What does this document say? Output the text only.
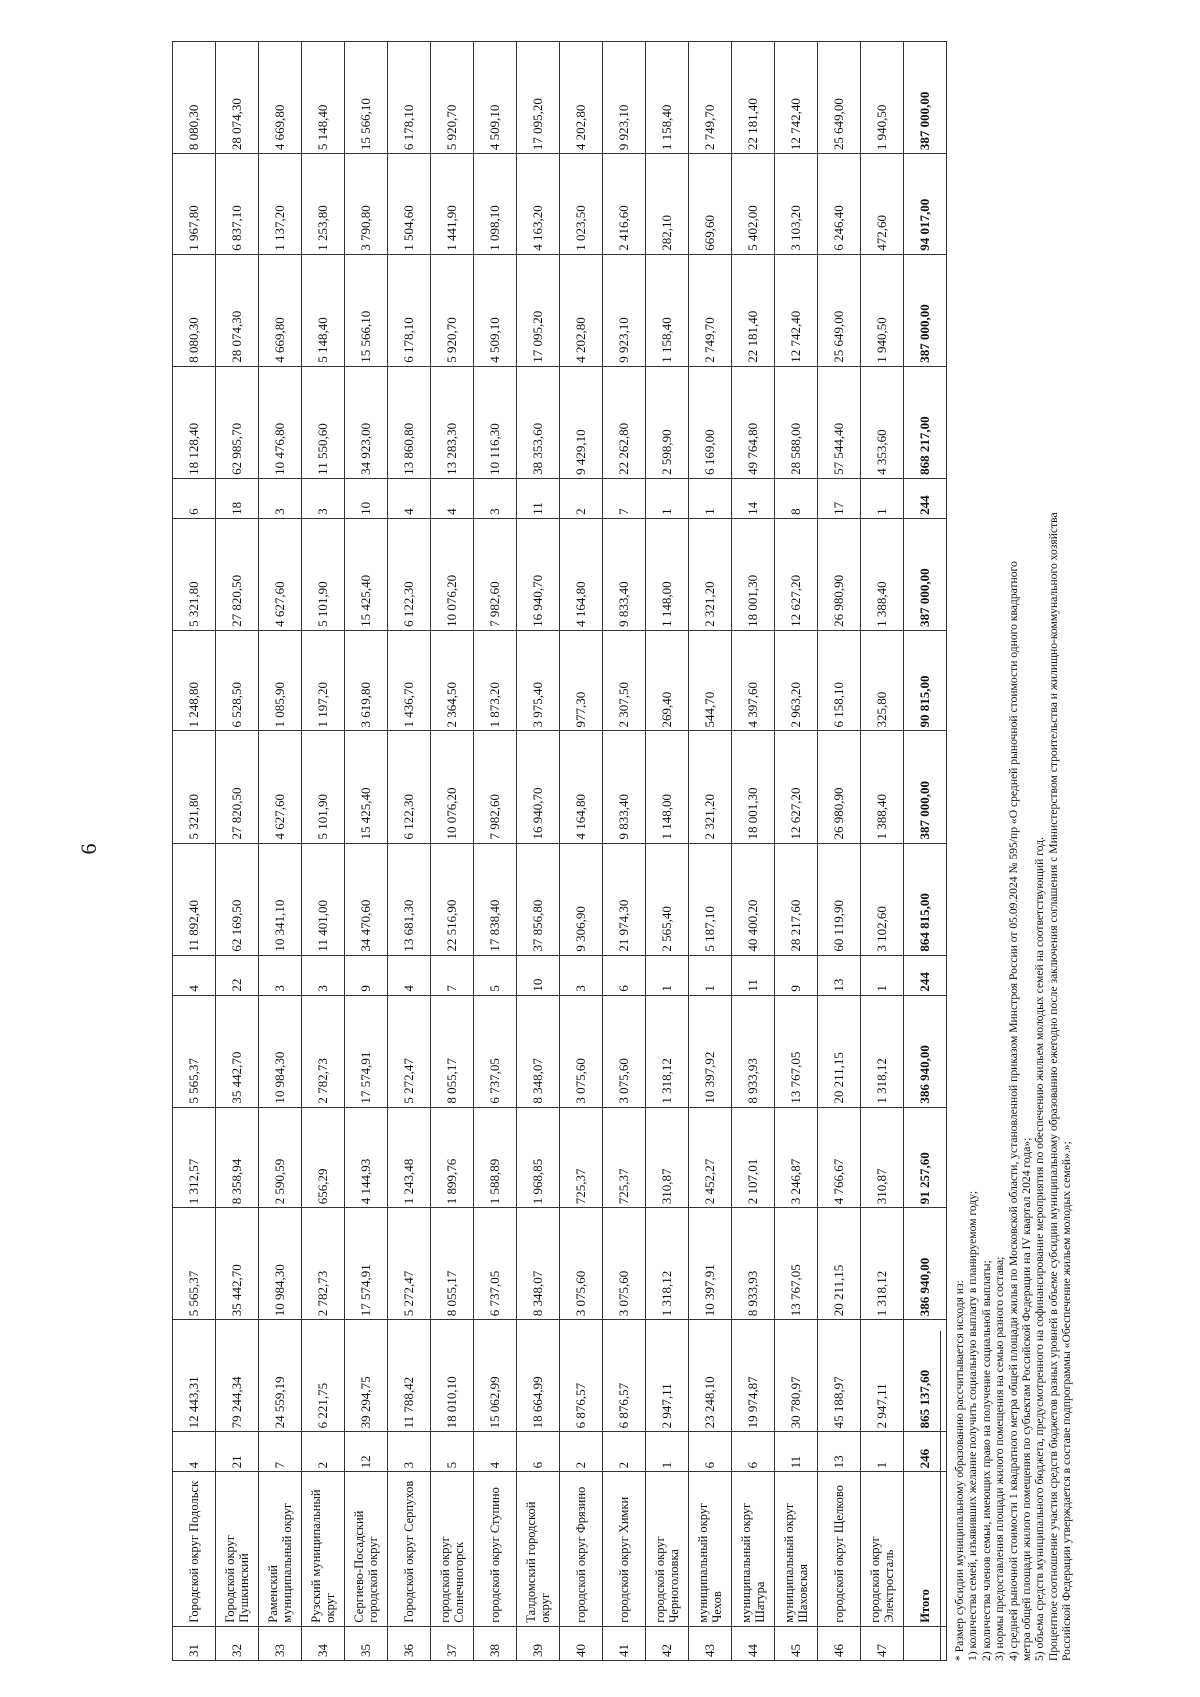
6
31	Городской округ Подольск	4	12 443,31	5 565,37	1 312,57	5 565,37	4	11 892,40	5 321,80	1 248,80	5 321,80	6	18 128,40	8 080,30	1 967,80	8 080,30
32	Городской округ Пушкинский	21	79 244,34	35 442,70	8 358,94	35 442,70	22	62 169,50	27 820,50	6 528,50	27 820,50	18	62 985,70	28 074,30	6 837,10	28 074,30
33	Раменский муниципальный округ	7	24 559,19	10 984,30	2 590,59	10 984,30	3	10 341,10	4 627,60	1 085,90	4 627,60	3	10 476,80	4 669,80	1 137,20	4 669,80
34	Рузский муниципальный округ	2	6 221,75	2 782,73	656,29	2 782,73	3	11 401,00	5 101,90	1 197,20	5 101,90	3	11 550,60	5 148,40	1 253,80	5 148,40
35	Сергиево-Посадский городской округ	12	39 294,75	17 574,91	4 144,93	17 574,91	9	34 470,60	15 425,40	3 619,80	15 425,40	10	34 923,00	15 566,10	3 790,80	15 566,10
36	Городской округ Серпухов	3	11 788,42	5 272,47	1 243,48	5 272,47	4	13 681,30	6 122,30	1 436,70	6 122,30	4	13 860,80	6 178,10	1 504,60	6 178,10
37	городской округ Солнечногорск	5	18 010,10	8 055,17	1 899,76	8 055,17	7	22 516,90	10 076,20	2 364,50	10 076,20	4	13 283,30	5 920,70	1 441,90	5 920,70
38	городской округ Ступино	4	15 062,99	6 737,05	1 588,89	6 737,05	5	17 838,40	7 982,60	1 873,20	7 982,60	3	10 116,30	4 509,10	1 098,10	4 509,10
39	Талдомский городской округ	6	18 664,99	8 348,07	1 968,85	8 348,07	10	37 856,80	16 940,70	3 975,40	16 940,70	11	38 353,60	17 095,20	4 163,20	17 095,20
40	городской округ Фрязино	2	6 876,57	3 075,60	725,37	3 075,60	3	9 306,90	4 164,80	977,30	4 164,80	2	9 429,10	4 202,80	1 023,50	4 202,80
41	городской округ Химки	2	6 876,57	3 075,60	725,37	3 075,60	6	21 974,30	9 833,40	2 307,50	9 833,40	7	22 262,80	9 923,10	2 416,60	9 923,10
42	городской округ Черноголовка	1	2 947,11	1 318,12	310,87	1 318,12	1	2 565,40	1 148,00	269,40	1 148,00	1	2 598,90	1 158,40	282,10	1 158,40
43	муниципальный округ Чехов	6	23 248,10	10 397,91	2 452,27	10 397,92	1	5 187,10	2 321,20	544,70	2 321,20	1	6 169,00	2 749,70	669,60	2 749,70
44	муниципальный округ Шатура	6	19 974,87	8 933,93	2 107,01	8 933,93	11	40 400,20	18 001,30	4 397,60	18 001,30	14	49 764,80	22 181,40	5 402,00	22 181,40
45	муниципальный округ Шаховская	11	30 780,97	13 767,05	3 246,87	13 767,05	9	28 217,60	12 627,20	2 963,20	12 627,20	8	28 588,00	12 742,40	3 103,20	12 742,40
46	городской округ Щелково	13	45 188,97	20 211,15	4 766,67	20 211,15	13	60 119,90	26 980,90	6 158,10	26 980,90	17	57 544,40	25 649,00	6 246,40	25 649,00
47	городской округ Электросталь	1	2 947,11	1 318,12	310,87	1 318,12	1	3 102,60	1 388,40	325,80	1 388,40	1	4 353,60	1 940,50	472,60	1 940,50
	Итого	246	865 137,60	386 940,00	91 257,60	386 940,00	244	864 815,00	387 000,00	90 815,00	387 000,00	244	868 217,00	387 000,00	94 017,00	387 000,00

* Размер субсидии муниципальному образованию рассчитывается исходя из: 1) количества семей, изъявивших желание получить социальную выплату в планируемом году; 2) количества членов семьи, имеющих право на получение социальной выплаты; 3) нормы предоставления площади жилого помещения на семью разного состава; 4) средней рыночной стоимости 1 квадратного метра общей площади жилья по Московской области, установленной приказом Минстроя России от 05.09.2024 № 595/пр «О средней рыночной стоимости одного квадратного метра общей площади жилого помещения по субъектам Российской Федерации на IV квартал 2024 года»; 5) объема средств муниципального бюджета, предусмотренного на софинансирование мероприятия по обеспечению жильем молодых семей на соответствующий год. Процентное соотношение участия средств бюджетов разных уровней в объеме субсидии муниципальному образованию ежегодно после заключения соглашения с Министерством строительства и жилищно-коммунального хозяйства Российской Федерации утверждается в составе подпрограммы «Обеспечение жильем молодых семей».»;
